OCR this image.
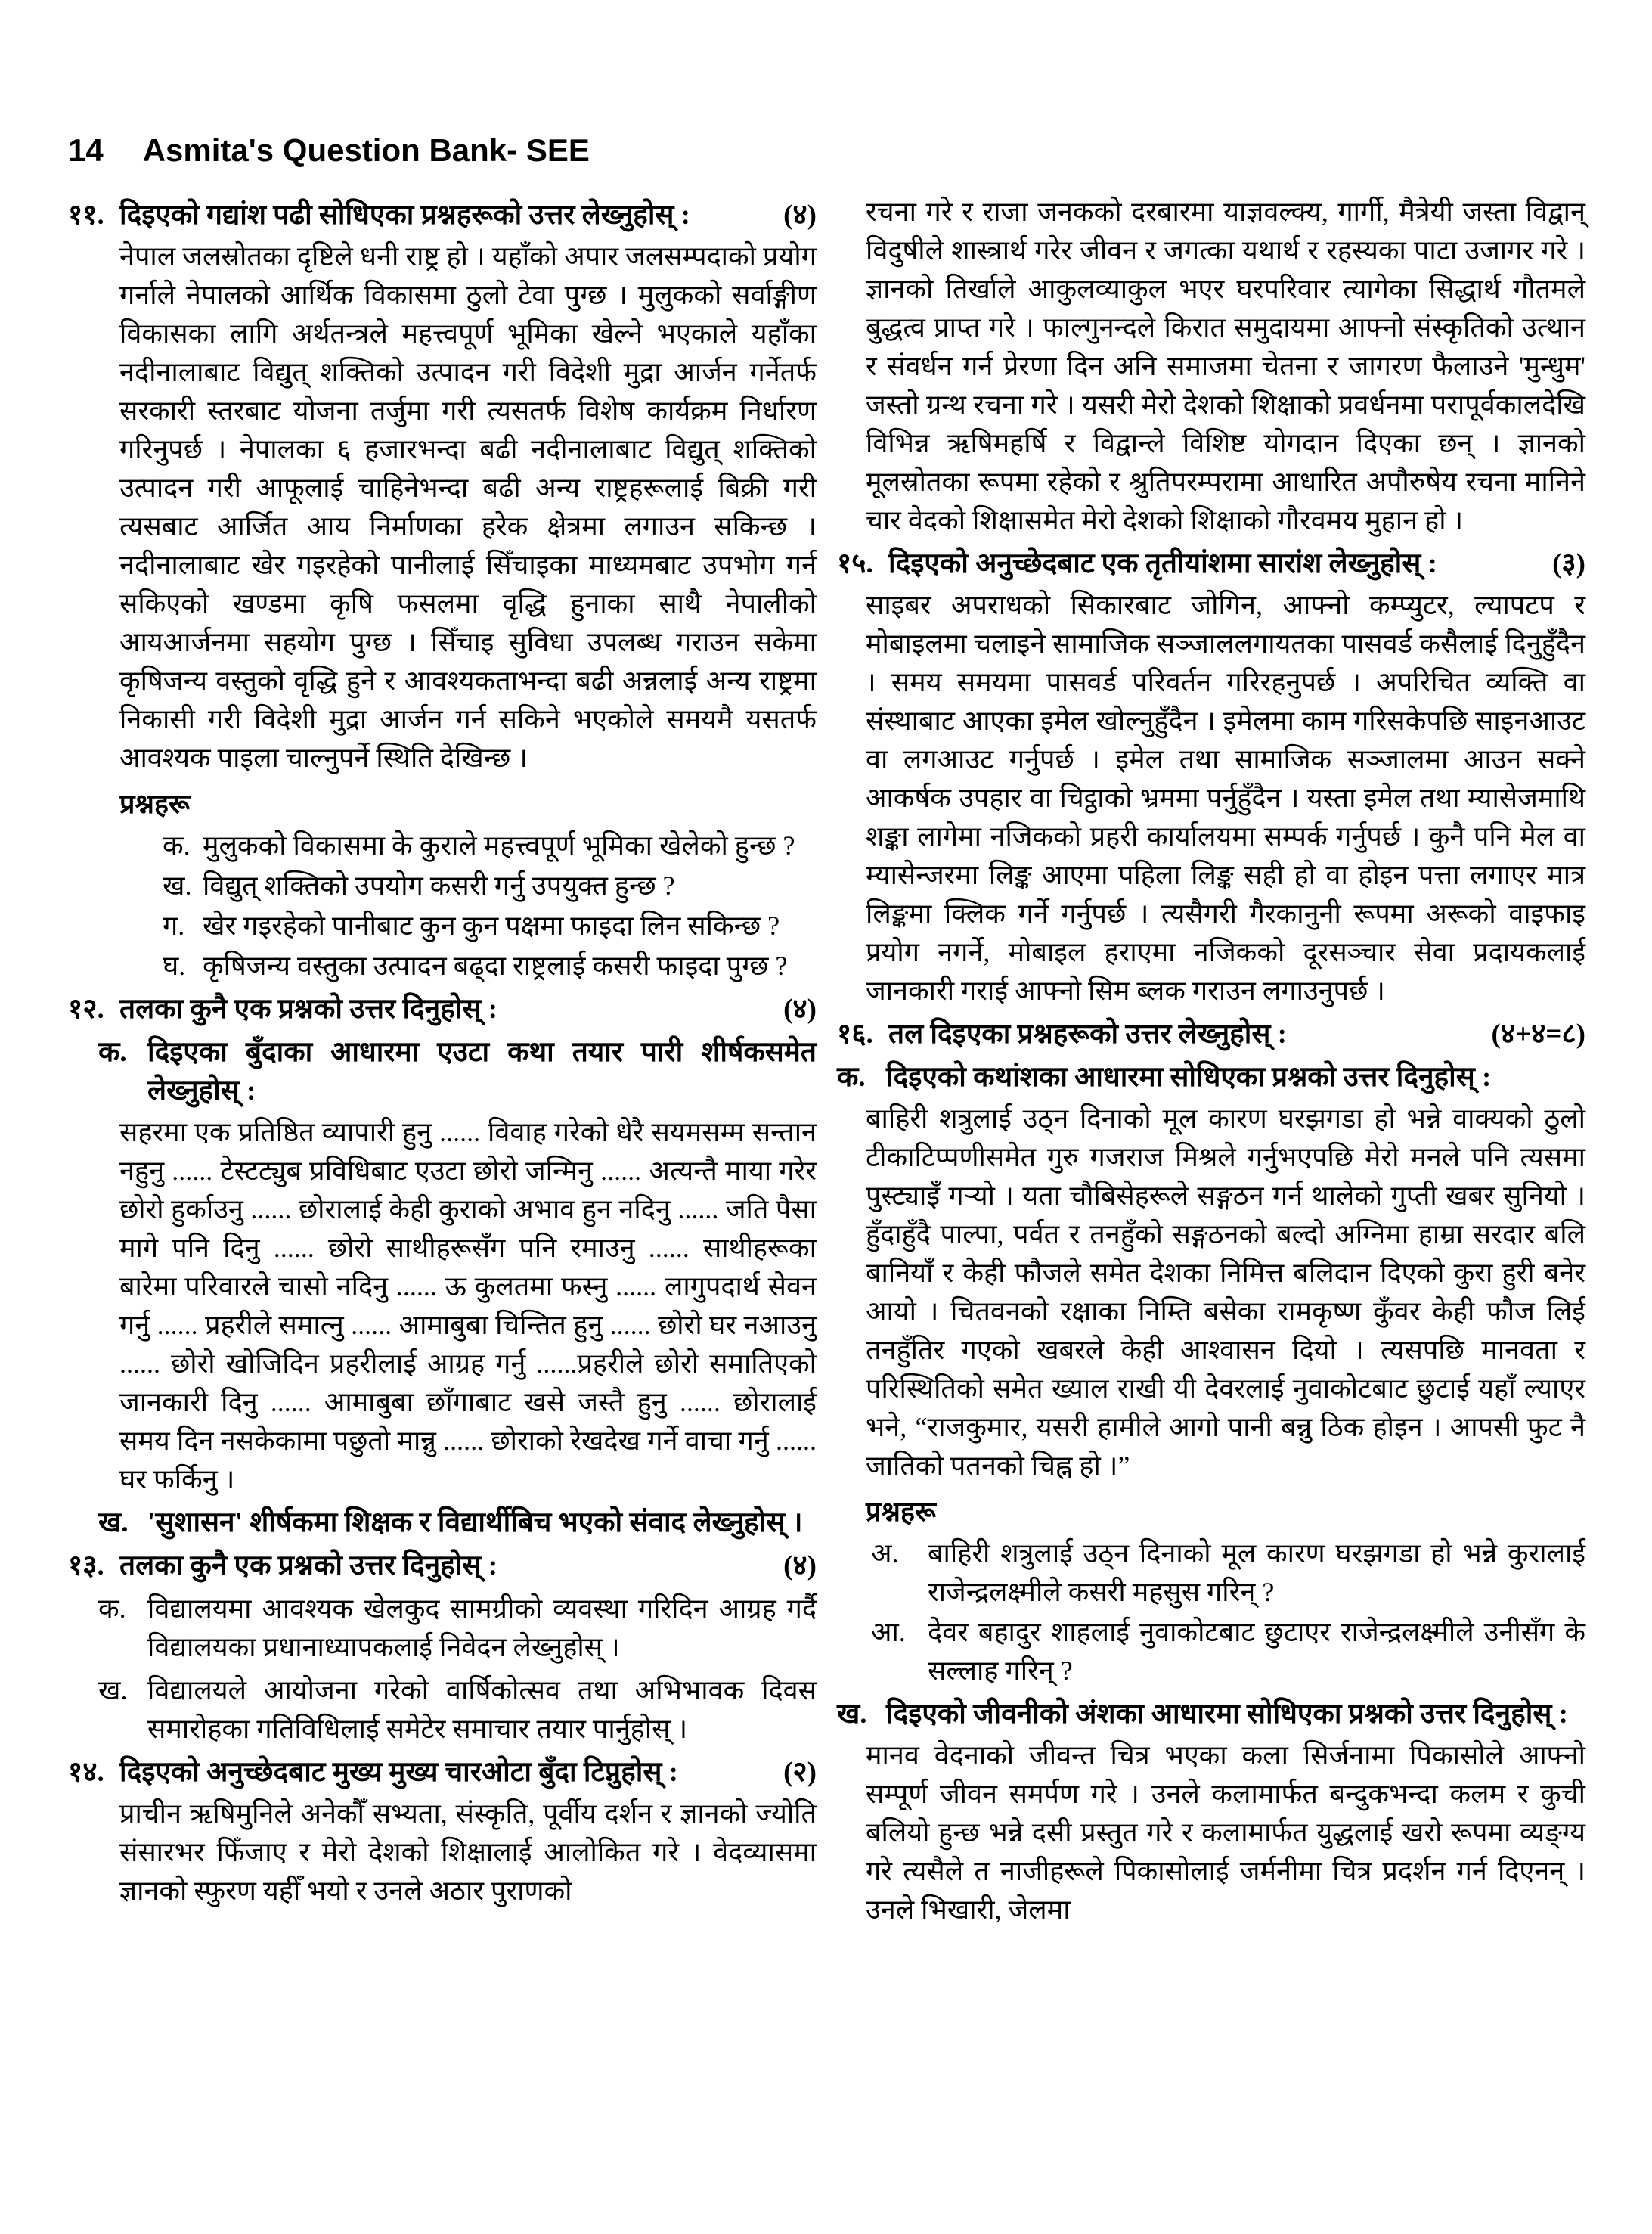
14 Asmita's Question Bank- SEE
११. दिइएको गद्यांश पढी सोधिएका प्रश्नहरूको उत्तर लेख्नुहोस् :	(४)
नेपाल जलस्रोतका दृष्टिले धनी राष्ट्र हो । यहाँको अपार जलसम्पदाको प्रयोग गर्नाले नेपालको आर्थिक विकासमा ठुलो टेवा पुग्छ । मुलुकको सर्वाङ्गीण विकासका लागि अर्थतन्त्रले महत्त्वपूर्ण भूमिका खेल्ने भएकाले यहाँका नदीनालाबाट विद्युत् शक्तिको उत्पादन गरी विदेशी मुद्रा आर्जन गर्नेतर्फ सरकारी स्तरबाट योजना तर्जुमा गरी त्यसतर्फ विशेष कार्यक्रम निर्धारण गरिनुपर्छ । नेपालका ६ हजारभन्दा बढी नदीनालाबाट विद्युत् शक्तिको उत्पादन गरी आफूलाई चाहिनेभन्दा बढी अन्य राष्ट्रहरूलाई बिक्री गरी त्यसबाट आर्जित आय निर्माणका हरेक क्षेत्रमा लगाउन सकिन्छ । नदीनालाबाट खेर गइरहेको पानीलाई सिँचाइका माध्यमबाट उपभोग गर्न सकिएको खण्डमा कृषि फसलमा वृद्धि हुनाका साथै नेपालीको आयआर्जनमा सहयोग पुग्छ । सिँचाइ सुविधा उपलब्ध गराउन सकेमा कृषिजन्य वस्तुको वृद्धि हुने र आवश्यकताभन्दा बढी अन्नलाई अन्य राष्ट्रमा निकासी गरी विदेशी मुद्रा आर्जन गर्न सकिने भएकोले समयमै यसतर्फ आवश्यक पाइला चाल्नुपर्ने स्थिति देखिन्छ ।
प्रश्नहरू
क. मुलुकको विकासमा के कुराले महत्त्वपूर्ण भूमिका खेलेको हुन्छ ?
ख. विद्युत् शक्तिको उपयोग कसरी गर्नु उपयुक्त हुन्छ ?
ग. खेर गइरहेको पानीबाट कुन कुन पक्षमा फाइदा लिन सकिन्छ ?
घ. कृषिजन्य वस्तुका उत्पादन बढ्दा राष्ट्रलाई कसरी फाइदा पुग्छ ?
१२. तलका कुनै एक प्रश्नको उत्तर दिनुहोस् :	(४)
क. दिइएका बुँदाका आधारमा एउटा कथा तयार पारी शीर्षकसमेत लेख्नुहोस् :
सहरमा एक प्रतिष्ठित व्यापारी हुनु ...... विवाह गरेको धेरै सयमसम्म सन्तान नहुनु ...... टेस्टट्युब प्रविधिबाट एउटा छोरो जन्मिनु ...... अत्यन्तै माया गरेर छोरो हुर्काउनु ...... छोरालाई केही कुराको अभाव हुन नदिनु ...... जति पैसा मागे पनि दिनु ...... छोरो साथीहरूसँग पनि रमाउनु ...... साथीहरूका बारेमा परिवारले चासो नदिनु ...... ऊ कुलतमा फस्नु ...... लागुपदार्थ सेवन गर्नु ...... प्रहरीले समात्नु ...... आमाबुबा चिन्तित हुनु ...... छोरो घर नआउनु ...... छोरो खोजिदिन प्रहरीलाई आग्रह गर्नु ......प्रहरीले छोरो समातिएको जानकारी दिनु ...... आमाबुबा छाँगाबाट खसे जस्तै हुनु ...... छोरालाई समय दिन नसकेकामा पछुतो मान्नु ...... छोराको रेखदेख गर्ने वाचा गर्नु ...... घर फर्किनु ।
ख. 'सुशासन' शीर्षकमा शिक्षक र विद्यार्थीबिच भएको संवाद लेख्नुहोस् ।
१३. तलका कुनै एक प्रश्नको उत्तर दिनुहोस् :	(४)
क. विद्यालयमा आवश्यक खेलकुद सामग्रीको व्यवस्था गरिदिन आग्रह गर्दै विद्यालयका प्रधानाध्यापकलाई निवेदन लेख्नुहोस् ।
ख. विद्यालयले आयोजना गरेको वार्षिकोत्सव तथा अभिभावक दिवस समारोहका गतिविधिलाई समेटेर समाचार तयार पार्नुहोस् ।
१४. दिइएको अनुच्छेदबाट मुख्य मुख्य चारओटा बुँदा टिप्नुहोस् :	(२)
प्राचीन ऋषिमुनिले अनेकौँ सभ्यता, संस्कृति, पूर्वीय दर्शन र ज्ञानको ज्योति संसारभर फिँजाए र मेरो देशको शिक्षालाई आलोकित गरे । वेदव्यासमा ज्ञानको स्फुरण यहीँ भयो र उनले अठार पुराणको
रचना गरे र राजा जनकको दरबारमा याज्ञवल्क्य, गार्गी, मैत्रेयी जस्ता विद्वान् विदुषीले शास्त्रार्थ गरेर जीवन र जगत्का यथार्थ र रहस्यका पाटा उजागर गरे । ज्ञानको तिर्खाले आकुलव्याकुल भएर घरपरिवार त्यागेका सिद्धार्थ गौतमले बुद्धत्व प्राप्त गरे । फाल्गुनन्दले किरात समुदायमा आफ्नो संस्कृतिको उत्थान र संवर्धन गर्न प्रेरणा दिन अनि समाजमा चेतना र जागरण फैलाउने 'मुन्धुम' जस्तो ग्रन्थ रचना गरे । यसरी मेरो देशको शिक्षाको प्रवर्धनमा परापूर्वकालदेखि विभिन्न ऋषिमहर्षि र विद्वान्ले विशिष्ट योगदान दिएका छन् । ज्ञानको मूलस्रोतका रूपमा रहेको र श्रुतिपरम्परामा आधारित अपौरुषेय रचना मानिने चार वेदको शिक्षासमेत मेरो देशको शिक्षाको गौरवमय मुहान हो ।
१५. दिइएको अनुच्छेदबाट एक तृतीयांशमा सारांश लेख्नुहोस् :	(३)
साइबर अपराधको सिकारबाट जोगिन, आफ्नो कम्प्युटर, ल्यापटप र मोबाइलमा चलाइने सामाजिक सञ्जाललगायतका पासवर्ड कसैलाई दिनुहुँदैन । समय समयमा पासवर्ड परिवर्तन गरिरहनुपर्छ । अपरिचित व्यक्ति वा संस्थाबाट आएका इमेल खोल्नुहुँदैन । इमेलमा काम गरिसकेपछि साइनआउट वा लगआउट गर्नुपर्छ । इमेल तथा सामाजिक सञ्जालमा आउन सक्ने आकर्षक उपहार वा चिट्ठाको भ्रममा पर्नुहुँदैन । यस्ता इमेल तथा म्यासेजमाथि शङ्का लागेमा नजिकको प्रहरी कार्यालयमा सम्पर्क गर्नुपर्छ । कुनै पनि मेल वा म्यासेन्जरमा लिङ्क आएमा पहिला लिङ्क सही हो वा होइन पत्ता लगाएर मात्र लिङ्कमा क्लिक गर्ने गर्नुपर्छ । त्यसैगरी गैरकानुनी रूपमा अरूको वाइफाइ प्रयोग नगर्ने, मोबाइल हराएमा नजिकको दूरसञ्चार सेवा प्रदायकलाई जानकारी गराई आफ्नो सिम ब्लक गराउन लगाउनुपर्छ ।
१६. तल दिइएका प्रश्नहरूको उत्तर लेख्नुहोस् :	(४+४=८)
क. दिइएको कथांशका आधारमा सोधिएका प्रश्नको उत्तर दिनुहोस् :
बाहिरी शत्रुलाई उठ्न दिनाको मूल कारण घरझगडा हो भन्ने वाक्यको ठुलो टीकाटिप्पणीसमेत गुरु गजराज मिश्रले गर्नुभएपछि मेरो मनले पनि त्यसमा पुस्ट्याइँ गऱ्यो । यता चौबिसेहरूले सङ्गठन गर्न थालेको गुप्ती खबर सुनियो । हुँदाहुँदै पाल्पा, पर्वत र तनहुँको सङ्गठनको बल्दो अग्निमा हाम्रा सरदार बलि बानियाँ र केही फौजले समेत देशका निमित्त बलिदान दिएको कुरा हुरी बनेर आयो । चितवनको रक्षाका निम्ति बसेका रामकृष्ण कुँवर केही फौज लिई तनहुँतिर गएको खबरले केही आश्वासन दियो । त्यसपछि मानवता र परिस्थितिको समेत ख्याल राखी यी देवरलाई नुवाकोटबाट छुटाई यहाँ ल्याएर भने, “राजकुमार, यसरी हामीले आगो पानी बन्नु ठिक होइन । आपसी फुट नै जातिको पतनको चिह्न हो ।”
प्रश्नहरू
अ. बाहिरी शत्रुलाई उठ्न दिनाको मूल कारण घरझगडा हो भन्ने कुरालाई राजेन्द्रलक्ष्मीले कसरी महसुस गरिन् ?
आ. देवर बहादुर शाहलाई नुवाकोटबाट छुटाएर राजेन्द्रलक्ष्मीले उनीसँग के सल्लाह गरिन् ?
ख. दिइएको जीवनीको अंशका आधारमा सोधिएका प्रश्नको उत्तर दिनुहोस् :
मानव वेदनाको जीवन्त चित्र भएका कला सिर्जनामा पिकासोले आफ्नो सम्पूर्ण जीवन समर्पण गरे । उनले कलामार्फत बन्दुकभन्दा कलम र कुची बलियो हुन्छ भन्ने दसी प्रस्तुत गरे र कलामार्फत युद्धलाई खरो रूपमा व्यङ्ग्य गरे त्यसैले त नाजीहरूले पिकासोलाई जर्मनीमा चित्र प्रदर्शन गर्न दिएनन् । उनले भिखारी, जेलमा
